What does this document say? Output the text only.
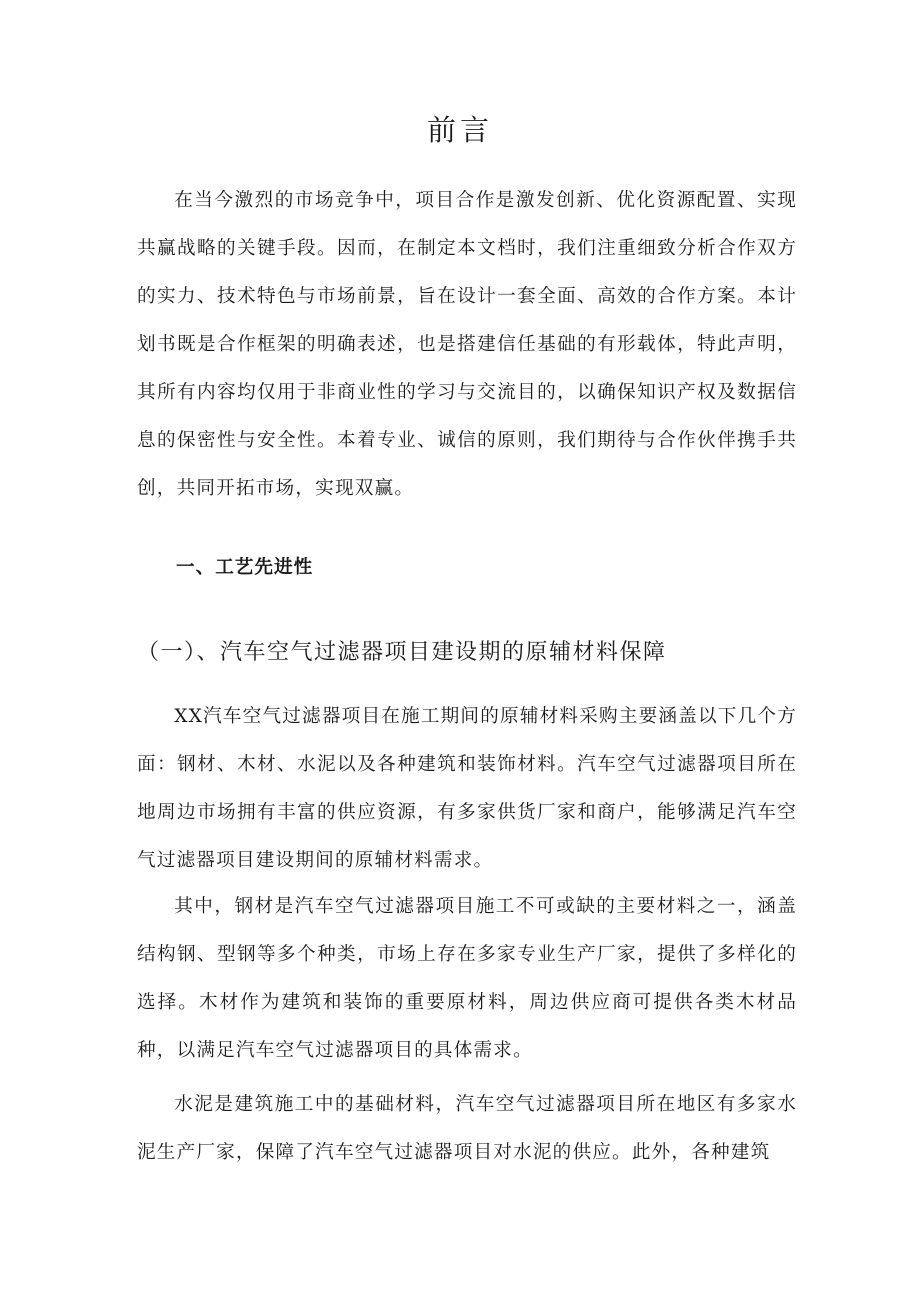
前言

在当今激烈的市场竞争中，项目合作是激发创新、优化资源配置、实现共赢战略的关键手段。因而，在制定本文档时，我们注重细致分析合作双方的实力、技术特色与市场前景，旨在设计一套全面、高效的合作方案。本计划书既是合作框架的明确表述，也是搭建信任基础的有形载体，特此声明，其所有内容均仅用于非商业性的学习与交流目的，以确保知识产权及数据信息的保密性与安全性。本着专业、诚信的原则，我们期待与合作伙伴携手共创，共同开拓市场，实现双赢。

一、工艺先进性
（一）、汽车空气过滤器项目建设期的原辅材料保障

XX汽车空气过滤器项目在施工期间的原辅材料采购主要涵盖以下几个方面：钢材、木材、水泥以及各种建筑和装饰材料。汽车空气过滤器项目所在地周边市场拥有丰富的供应资源，有多家供货厂家和商户，能够满足汽车空气过滤器项目建设期间的原辅材料需求。

其中，钢材是汽车空气过滤器项目施工不可或缺的主要材料之一，涵盖结构钢、型钢等多个种类，市场上存在多家专业生产厂家，提供了多样化的选择。木材作为建筑和装饰的重要原材料，周边供应商可提供各类木材品种，以满足汽车空气过滤器项目的具体需求。

水泥是建筑施工中的基础材料，汽车空气过滤器项目所在地区有多家水泥生产厂家，保障了汽车空气过滤器项目对水泥的供应。此外，各种建筑
